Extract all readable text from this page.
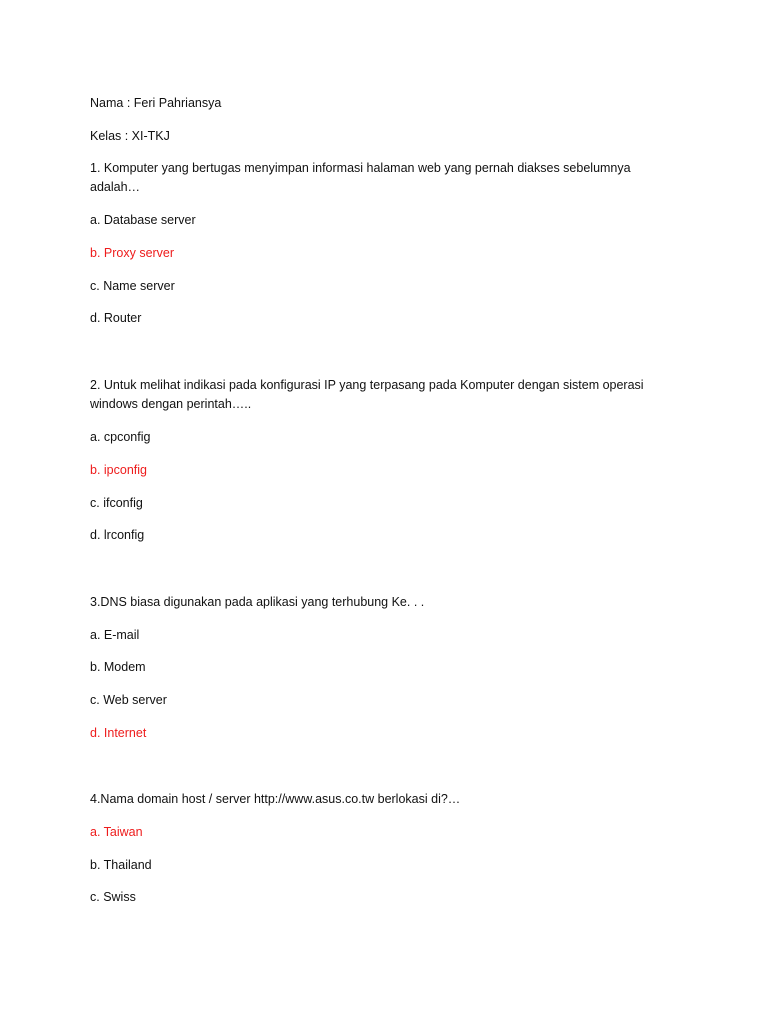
Nama : Feri Pahriansya
Kelas : XI-TKJ
1. Komputer yang bertugas menyimpan informasi halaman web yang pernah diakses sebelumnya adalah…
a. Database server
b. Proxy server
c. Name server
d. Router
2. Untuk melihat indikasi pada konfigurasi IP yang terpasang pada Komputer dengan sistem operasi windows dengan perintah…..
a. cpconfig
b. ipconfig
c. ifconfig
d. lrconfig
3.DNS biasa digunakan pada aplikasi yang terhubung Ke. . .
a. E-mail
b. Modem
c. Web server
d. Internet
4.Nama domain host / server http://www.asus.co.tw berlokasi di?…
a. Taiwan
b. Thailand
c. Swiss
